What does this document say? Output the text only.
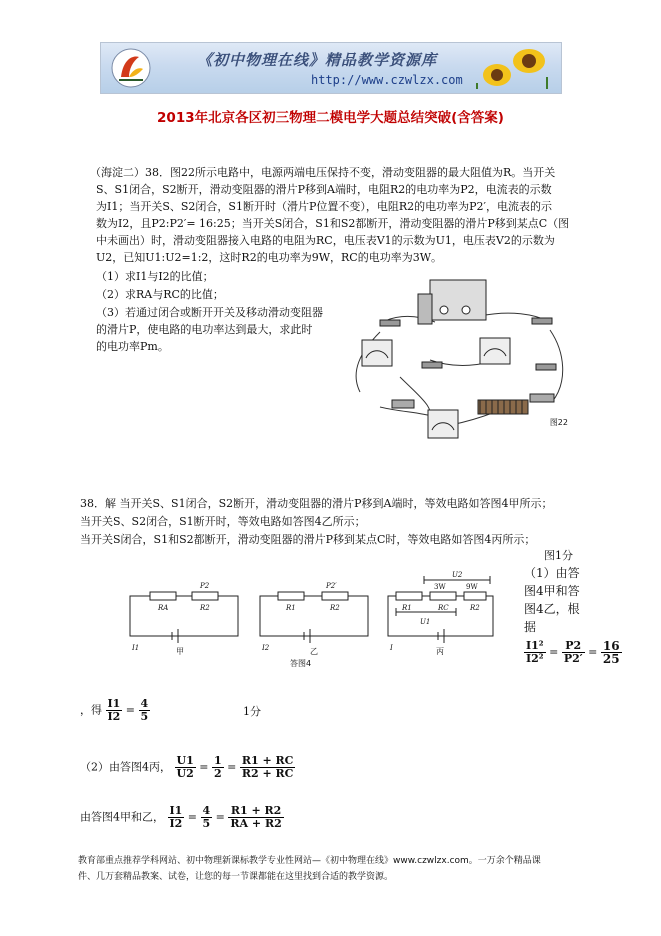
《初中物理在线》精品教学资源库
http://www.czwlzx.com
2013年北京各区初三物理二模电学大题总结突破(含答案)
（海淀二）38．图22所示电路中，电源两端电压保持不变，滑动变阻器的最大阻值为R。当开关
S、S1闭合，S2断开，滑动变阻器的滑片P移到A端时，电阻R2的电功率为P2，电流表的示数
为I1；当开关S、S2闭合，S1断开时（滑片P位置不变），电阻R2的电功率为P2′，电流表的示
数为I2，且P2:P2′= 16:25；当开关S闭合，S1和S2都断开，滑动变阻器的滑片P移到某点C（图
中未画出）时，滑动变阻器接入电路的电阻为RC，电压表V1的示数为U1，电压表V2的示数为
U2，已知U1:U2=1:2，这时R2的电功率为9W，RC的电功率为3W。
（1）求I1与I2的比值；
（2）求RA与RC的比值；
（3）若通过闭合或断开开关及移动滑动变阻器
的滑片P，使电路的电功率达到最大，求此时
的电功率Pm。
图22
38．解 当开关S、S1闭合，S2断开，滑动变阻器的滑片P移到A端时，等效电路如答图4甲所示；
当开关S、S2闭合，S1断开时，等效电路如答图4乙所示；
当开关S闭合，S1和S2都断开，滑动变阻器的滑片P移到某点C时，等效电路如答图4丙所示；
图1分
（1）由答
图4甲和答
图4乙，根
据
RA	R2
P2
I1
R1	R2
P2′
I2
R1	RC	R2
U2
U1
I
3W	9W
甲	乙	丙
答图4	$\frac{\text{I1²}}{\text{I2²}} = \frac{P2}{P2'} = \frac{16}{25}$
，得 $\frac{I1}{I2} = \frac{4}{5}$	1分
（2）由答图4丙， $\frac{U1}{U2} = \frac{1}{2} = \frac{R1 + RC}{R2 + RC}$
由答图4甲和乙， $\frac{I1}{I2} = \frac{4}{5} = \frac{R1 + R2}{RA + R2}$
教育部重点推荐学科网站、初中物理新课标教学专业性网站—《初中物理在线》www.czwlzx.com。一万余个精品课
件、几万套精品教案、试卷，让您的每一节课都能在这里找到合适的教学资源。
